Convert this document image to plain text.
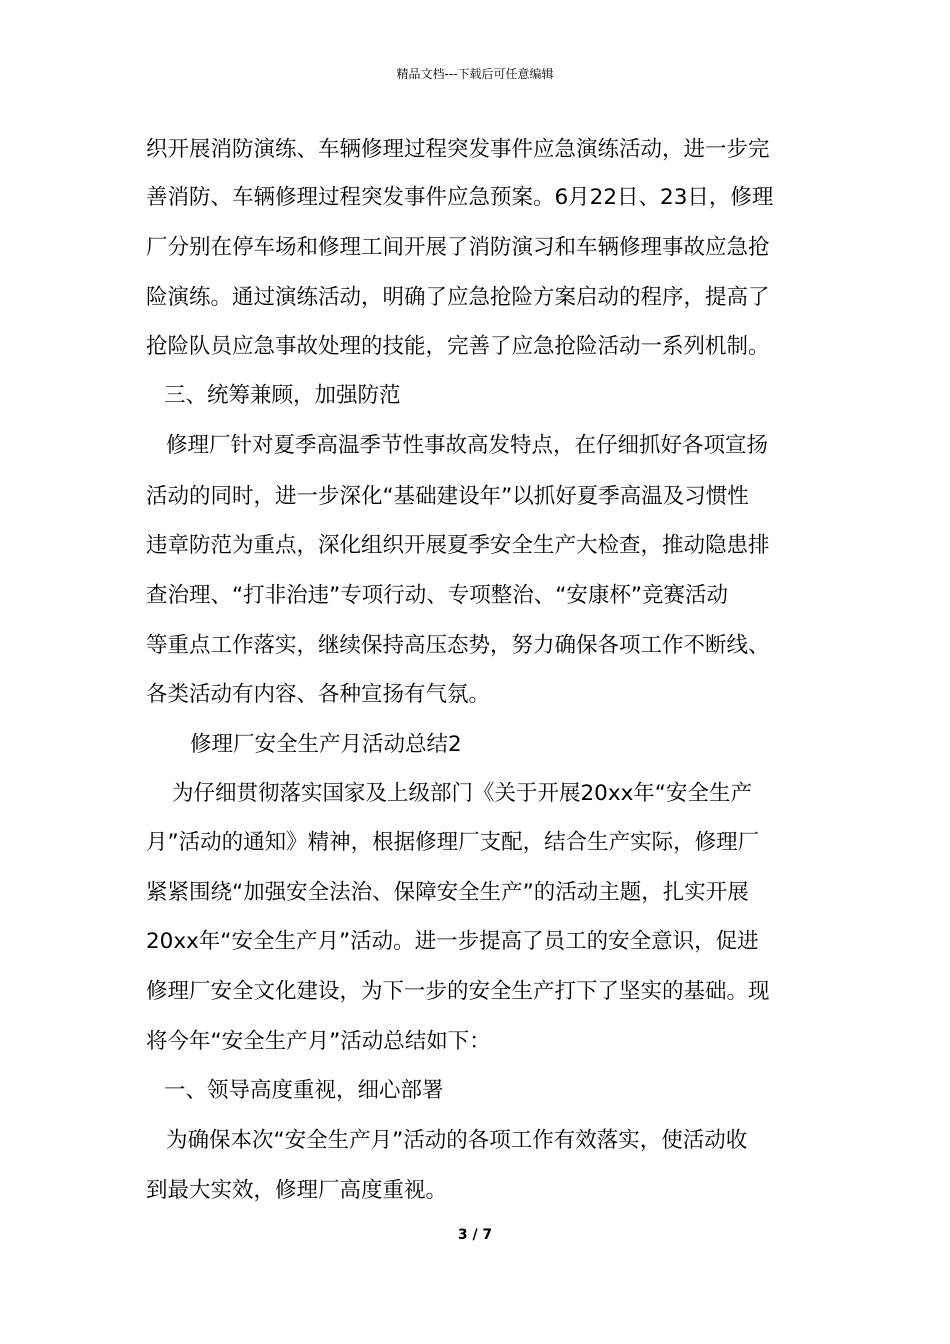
精品文档---下载后可任意编辑
织开展消防演练、车辆修理过程突发事件应急演练活动，进一步完
善消防、车辆修理过程突发事件应急预案。6月22日、23日，修理
厂分别在停车场和修理工间开展了消防演习和车辆修理事故应急抢
险演练。通过演练活动，明确了应急抢险方案启动的程序，提高了
抢险队员应急事故处理的技能，完善了应急抢险活动一系列机制。
三、统筹兼顾，加强防范
修理厂针对夏季高温季节性事故高发特点，在仔细抓好各项宣扬
活动的同时，进一步深化“基础建设年”以抓好夏季高温及习惯性
违章防范为重点，深化组织开展夏季安全生产大检查，推动隐患排
查治理、“打非治违”专项行动、专项整治、“安康杯”竞赛活动
等重点工作落实，继续保持高压态势，努力确保各项工作不断线、
各类活动有内容、各种宣扬有气氛。
修理厂安全生产月活动总结2
为仔细贯彻落实国家及上级部门《关于开展20xx年“安全生产
月”活动的通知》精神，根据修理厂支配，结合生产实际，修理厂
紧紧围绕“加强安全法治、保障安全生产”的活动主题，扎实开展
20xx年“安全生产月”活动。进一步提高了员工的安全意识，促进
修理厂安全文化建设，为下一步的安全生产打下了坚实的基础。现
将今年“安全生产月”活动总结如下：
一、领导高度重视，细心部署
为确保本次“安全生产月”活动的各项工作有效落实，使活动收
到最大实效，修理厂高度重视。
3 / 7
